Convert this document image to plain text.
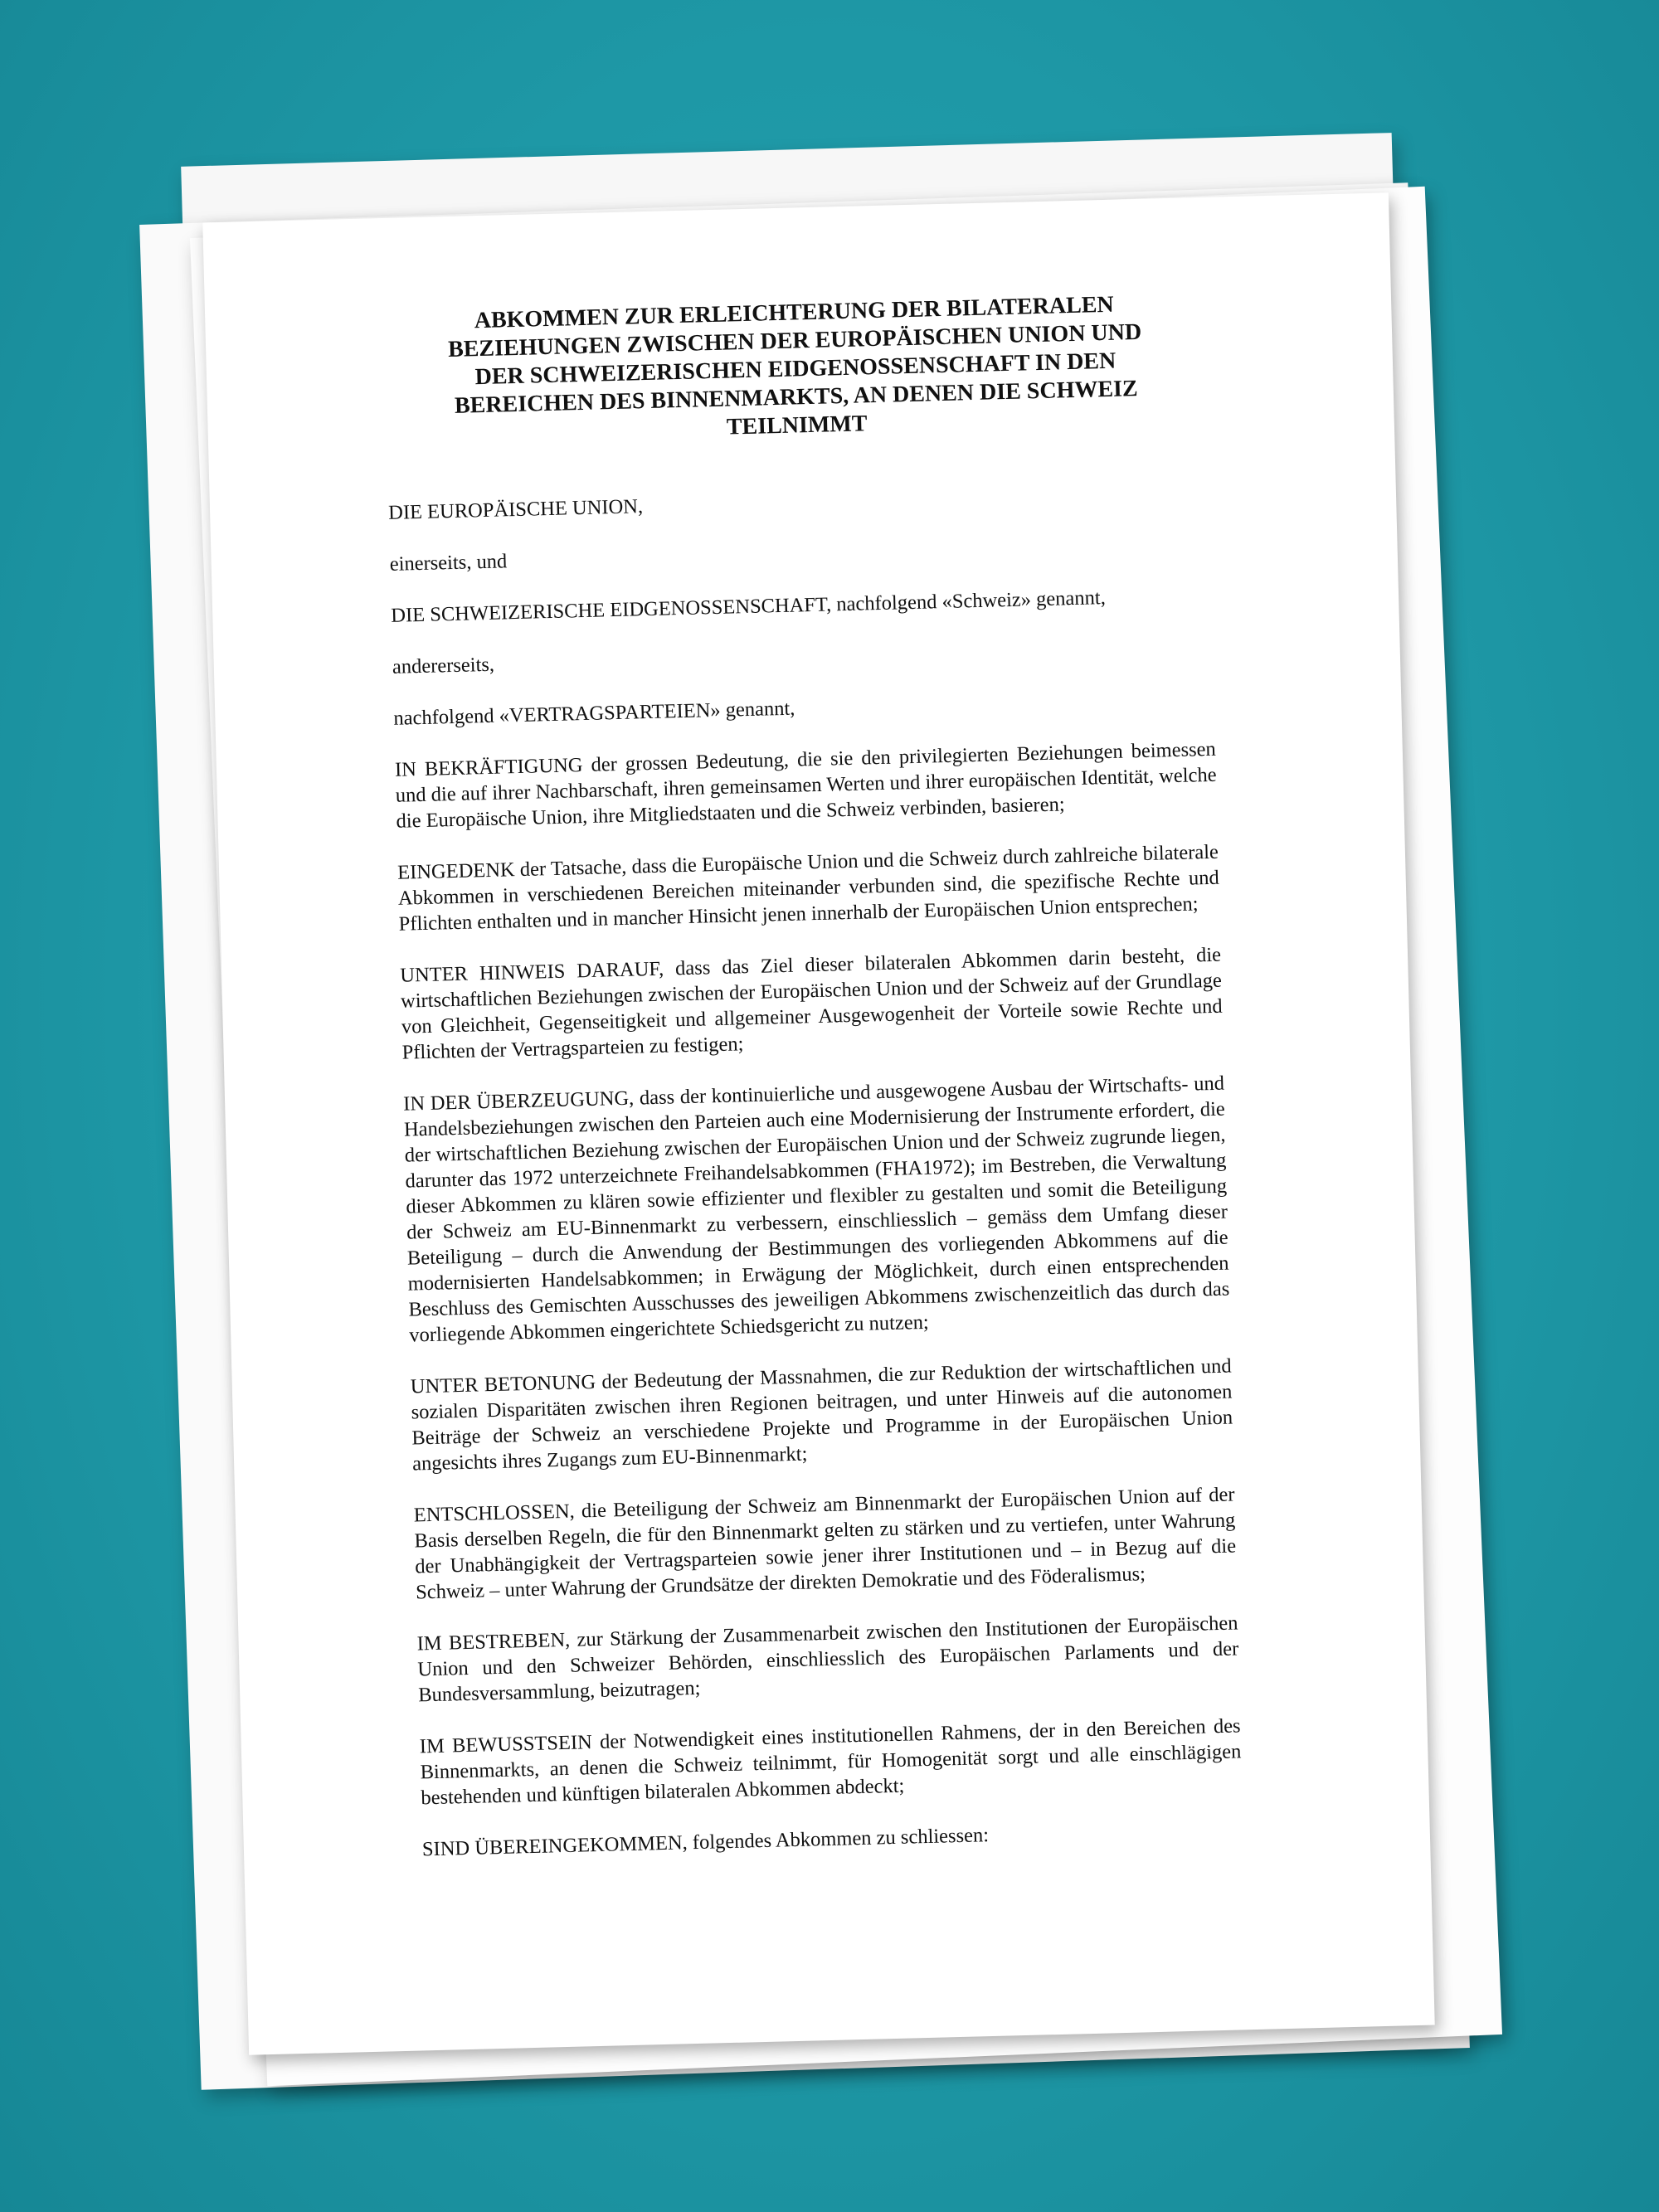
ABKOMMEN ZUR ERLEICHTERUNG DER BILATERALEN
BEZIEHUNGEN ZWISCHEN DER EUROPÄISCHEN UNION UND
DER SCHWEIZERISCHEN EIDGENOSSENSCHAFT IN DEN
BEREICHEN DES BINNENMARKTS, AN DENEN DIE SCHWEIZ
TEILNIMMT

DIE EUROPÄISCHE UNION,

einerseits, und

DIE SCHWEIZERISCHE EIDGENOSSENSCHAFT, nachfolgend «Schweiz» genannt,

andererseits,

nachfolgend «VERTRAGSPARTEIEN» genannt,

IN BEKRÄFTIGUNG der grossen Bedeutung, die sie den privilegierten Beziehungen beimessen und die auf ihrer Nachbarschaft, ihren gemeinsamen Werten und ihrer europäischen Identität, welche die Europäische Union, ihre Mitgliedstaaten und die Schweiz verbinden, basieren;

EINGEDENK der Tatsache, dass die Europäische Union und die Schweiz durch zahlreiche bilaterale Abkommen in verschiedenen Bereichen miteinander verbunden sind, die spezifische Rechte und Pflichten enthalten und in mancher Hinsicht jenen innerhalb der Europäischen Union entsprechen;

UNTER HINWEIS DARAUF, dass das Ziel dieser bilateralen Abkommen darin besteht, die wirtschaftlichen Beziehungen zwischen der Europäischen Union und der Schweiz auf der Grundlage von Gleichheit, Gegenseitigkeit und allgemeiner Ausgewogenheit der Vorteile sowie Rechte und Pflichten der Vertragsparteien zu festigen;

IN DER ÜBERZEUGUNG, dass der kontinuierliche und ausgewogene Ausbau der Wirtschafts- und Handelsbeziehungen zwischen den Parteien auch eine Modernisierung der Instrumente erfordert, die der wirtschaftlichen Beziehung zwischen der Europäischen Union und der Schweiz zugrunde liegen, darunter das 1972 unterzeichnete Freihandelsabkommen (FHA1972); im Bestreben, die Verwaltung dieser Abkommen zu klären sowie effizienter und flexibler zu gestalten und somit die Beteiligung der Schweiz am EU-Binnenmarkt zu verbessern, einschliesslich – gemäss dem Umfang dieser Beteiligung – durch die Anwendung der Bestimmungen des vorliegenden Abkommens auf die modernisierten Handelsabkommen; in Erwägung der Möglichkeit, durch einen entsprechenden Beschluss des Gemischten Ausschusses des jeweiligen Abkommens zwischenzeitlich das durch das vorliegende Abkommen eingerichtete Schiedsgericht zu nutzen;

UNTER BETONUNG der Bedeutung der Massnahmen, die zur Reduktion der wirtschaftlichen und sozialen Disparitäten zwischen ihren Regionen beitragen, und unter Hinweis auf die autonomen Beiträge der Schweiz an verschiedene Projekte und Programme in der Europäischen Union angesichts ihres Zugangs zum EU-Binnenmarkt;

ENTSCHLOSSEN, die Beteiligung der Schweiz am Binnenmarkt der Europäischen Union auf der Basis derselben Regeln, die für den Binnenmarkt gelten zu stärken und zu vertiefen, unter Wahrung der Unabhängigkeit der Vertragsparteien sowie jener ihrer Institutionen und – in Bezug auf die Schweiz – unter Wahrung der Grundsätze der direkten Demokratie und des Föderalismus;

IM BESTREBEN, zur Stärkung der Zusammenarbeit zwischen den Institutionen der Europäischen Union und den Schweizer Behörden, einschliesslich des Europäischen Parlaments und der Bundesversammlung, beizutragen;

IM BEWUSSTSEIN der Notwendigkeit eines institutionellen Rahmens, der in den Bereichen des Binnenmarkts, an denen die Schweiz teilnimmt, für Homogenität sorgt und alle einschlägigen bestehenden und künftigen bilateralen Abkommen abdeckt;

SIND ÜBEREINGEKOMMEN, folgendes Abkommen zu schliessen:
